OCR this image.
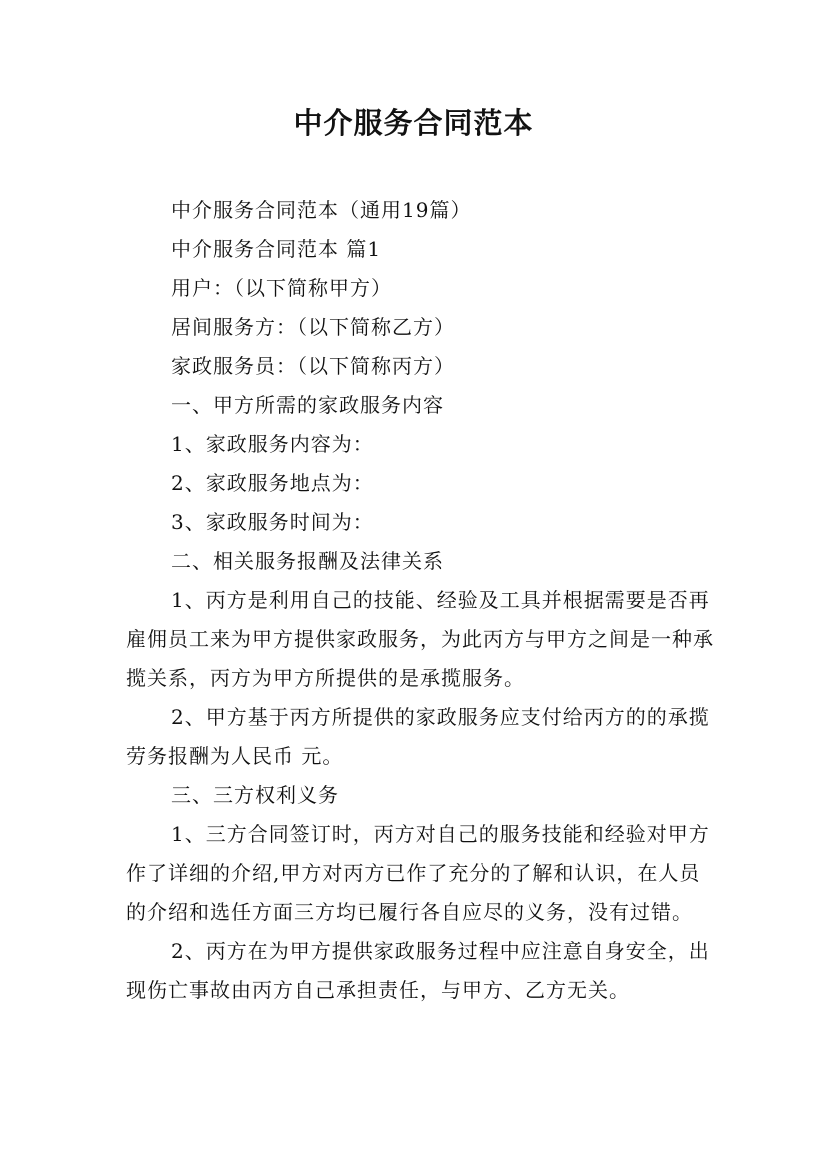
中介服务合同范本
中介服务合同范本（通用19篇）
中介服务合同范本 篇1
用户：（以下简称甲方）
居间服务方：（以下简称乙方）
家政服务员：（以下简称丙方）
一、甲方所需的家政服务内容
1、家政服务内容为：
2、家政服务地点为：
3、家政服务时间为：
二、相关服务报酬及法律关系
1、丙方是利用自己的技能、经验及工具并根据需要是否再雇佣员工来为甲方提供家政服务，为此丙方与甲方之间是一种承揽关系，丙方为甲方所提供的是承揽服务。
2、甲方基于丙方所提供的家政服务应支付给丙方的的承揽劳务报酬为人民币 元。
三、三方权利义务
1、三方合同签订时，丙方对自己的服务技能和经验对甲方作了详细的介绍,甲方对丙方已作了充分的了解和认识，在人员的介绍和选任方面三方均已履行各自应尽的义务，没有过错。
2、丙方在为甲方提供家政服务过程中应注意自身安全，出现伤亡事故由丙方自己承担责任，与甲方、乙方无关。
